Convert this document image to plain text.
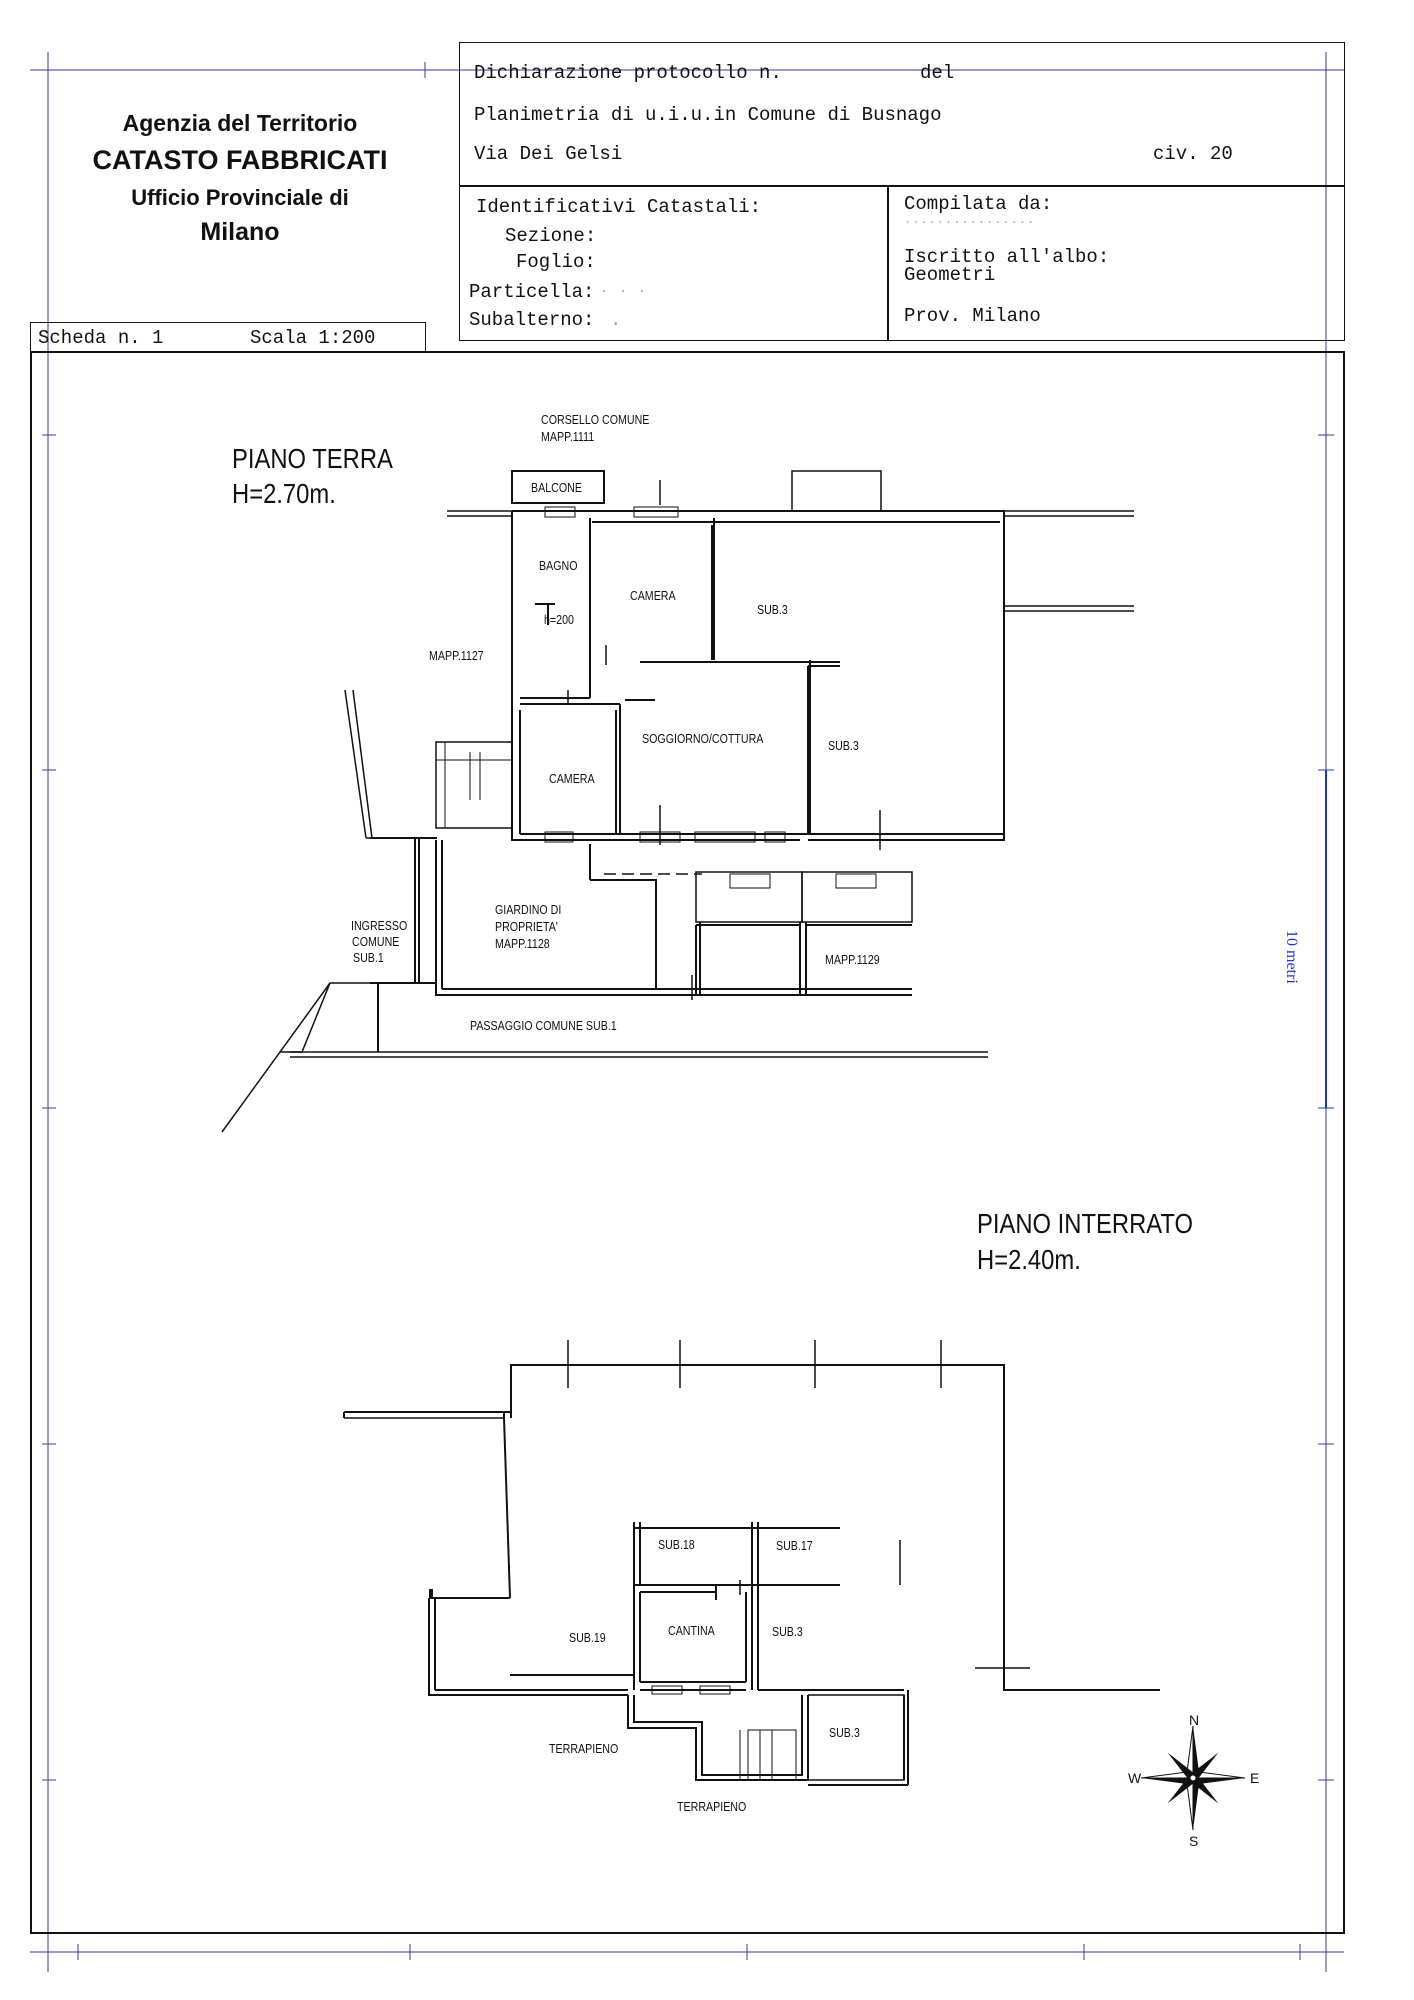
Agenzia del Territorio
CATASTO FABBRICATI
Ufficio Provinciale di
Milano
Dichiarazione protocollo n.	del
Planimetria di u.i.u.in Comune di Busnago
Via Dei Gelsi	civ. 20
Identificativi Catastali:
Sezione:
Foglio:
Particella: . . .
Subalterno: .
Compilata da:
................
Iscritto all'albo:
Geometri
Prov. Milano
Scheda n. 1	Scala 1:200
10 metri
PIANO TERRA
H=2.70m.
PIANO INTERRATO
H=2.40m.
CORSELLO COMUNE
MAPP.1111
BALCONE
BAGNO
h=200
CAMERA
SUB.3
MAPP.1127
SOGGIORNO/COTTURA
CAMERA
SUB.3
GIARDINO DI
PROPRIETA'
MAPP.1128
INGRESSO
COMUNE
SUB.1	MAPP.1129
PASSAGGIO COMUNE SUB.1
SUB.18	SUB.17
SUB.19	CANTINA	SUB.3
SUB.3
TERRAPIENO
TERRAPIENO
N
S
E
W
